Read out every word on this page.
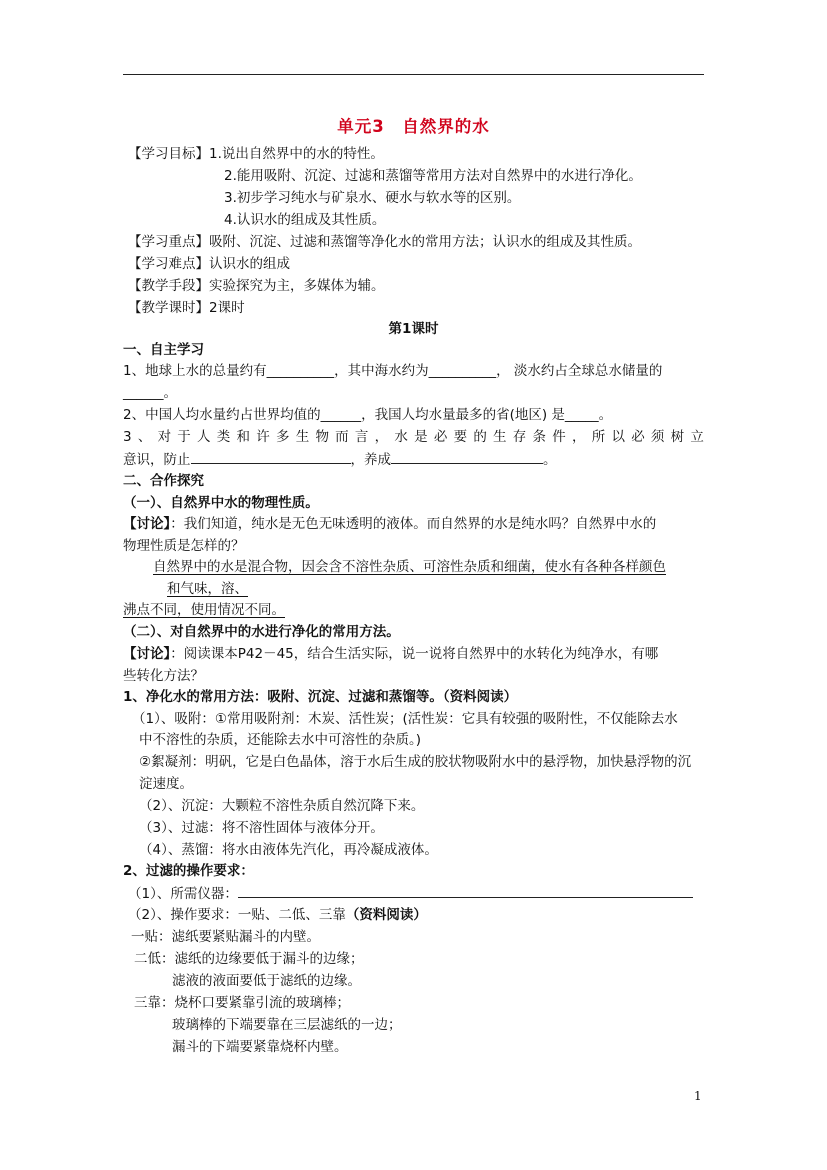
单元3　自然界的水
【学习目标】1.说出自然界中的水的特性。
2.能用吸附、沉淀、过滤和蒸馏等常用方法对自然界中的水进行净化。
3.初步学习纯水与矿泉水、硬水与软水等的区别。
4.认识水的组成及其性质。
【学习重点】吸附、沉淀、过滤和蒸馏等净化水的常用方法；认识水的组成及其性质。
【学习难点】认识水的组成
【教学手段】实验探究为主，多媒体为辅。
【教学课时】2课时
第1课时
一、自主学习
1、地球上水的总量约有__________，其中海水约为__________， 淡水约占全球总水储量的
______。
2、中国人均水量约占世界均值的______，我国人均水量最多的省(地区) 是_____。
3 、 对 于 人 类 和 许 多 生 物 而 言 ， 水 是 必 要 的 生 存 条 件 ， 所 以 必 须 树 立
意识，防止	，养成	。
二、合作探究
（一）、自然界中水的物理性质。
【讨论】：我们知道，纯水是无色无味透明的液体。而自然界的水是纯水吗？自然界中水的
物理性质是怎样的？
自然界中的水是混合物，因会含不溶性杂质、可溶性杂质和细菌，使水有各种各样颜色
和气味，溶、
沸点不同，使用情况不同。
（二）、对自然界中的水进行净化的常用方法。
【讨论】：阅读课本P42－45，结合生活实际，说一说将自然界中的水转化为纯净水，有哪
些转化方法？
1、净化水的常用方法：吸附、沉淀、过滤和蒸馏等。（资料阅读）
（1）、吸附：①常用吸附剂：木炭、活性炭；(活性炭：它具有较强的吸附性，不仅能除去水
中不溶性的杂质，还能除去水中可溶性的杂质。)
②絮凝剂：明矾，它是白色晶体，溶于水后生成的胶状物吸附水中的悬浮物，加快悬浮物的沉
淀速度。
（2）、沉淀：大颗粒不溶性杂质自然沉降下来。
（3）、过滤：将不溶性固体与液体分开。
（4）、蒸馏：将水由液体先汽化，再冷凝成液体。
2、过滤的操作要求：
（1）、所需仪器：
（2）、操作要求：一贴、二低、三靠（资料阅读）
一贴：滤纸要紧贴漏斗的内壁。
二低：滤纸的边缘要低于漏斗的边缘；
滤液的液面要低于滤纸的边缘。
三靠：烧杯口要紧靠引流的玻璃棒；
玻璃棒的下端要靠在三层滤纸的一边；
漏斗的下端要紧靠烧杯内壁。
1
